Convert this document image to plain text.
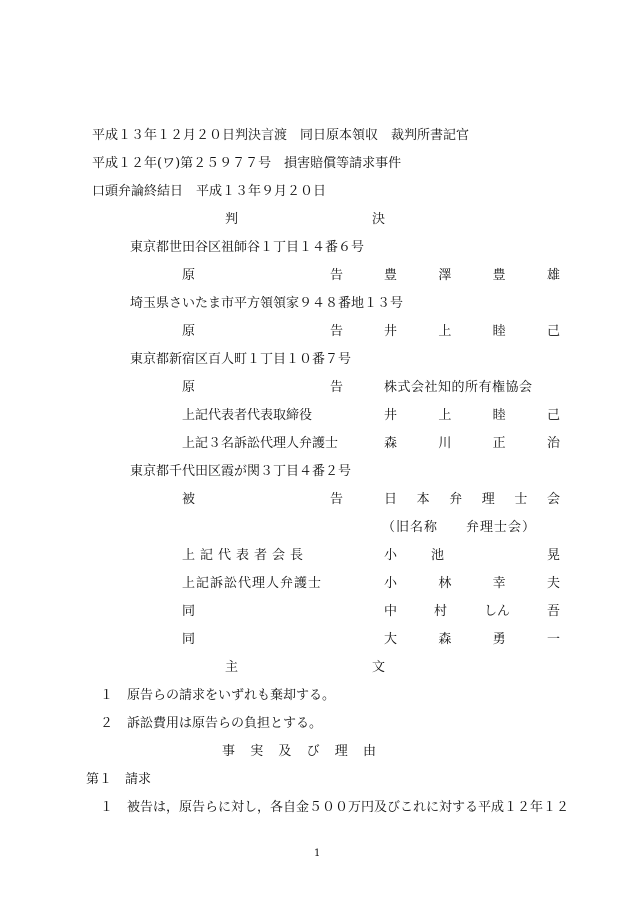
平成１３年１２月２０日判決言渡　同日原本領収　裁判所書記官
平成１２年(ワ)第２５９７７号　損害賠償等請求事件
口頭弁論終結日　平成１３年９月２０日
判	決
東京都世田谷区祖師谷１丁目１４番６号
原	告	豊	澤	豊	雄
埼玉県さいたま市平方領領家９４８番地１３号
原	告	井	上	睦	己
東京都新宿区百人町１丁目１０番７号
原	告	株式会社知的所有権協会
上記代表者代表取締役	井	上	睦	己
上記３名訴訟代理人弁護士	森	川	正	治
東京都千代田区霞が関３丁目４番２号
被	告	日 本 弁 理 士 会
（旧名称　　弁理士会）
上記代表者会長	小	池	晃
上記訴訟代理人弁護士	小	林	幸	夫
同	中	村	しん	吾
同	大	森	勇	一
主	文
１ 原告らの請求をいずれも棄却する。
２ 訴訟費用は原告らの負担とする。
事 実 及 び 理 由
第１　請求
１ 被告は，原告らに対し，各自金５００万円及びこれに対する平成１２年１２
1
